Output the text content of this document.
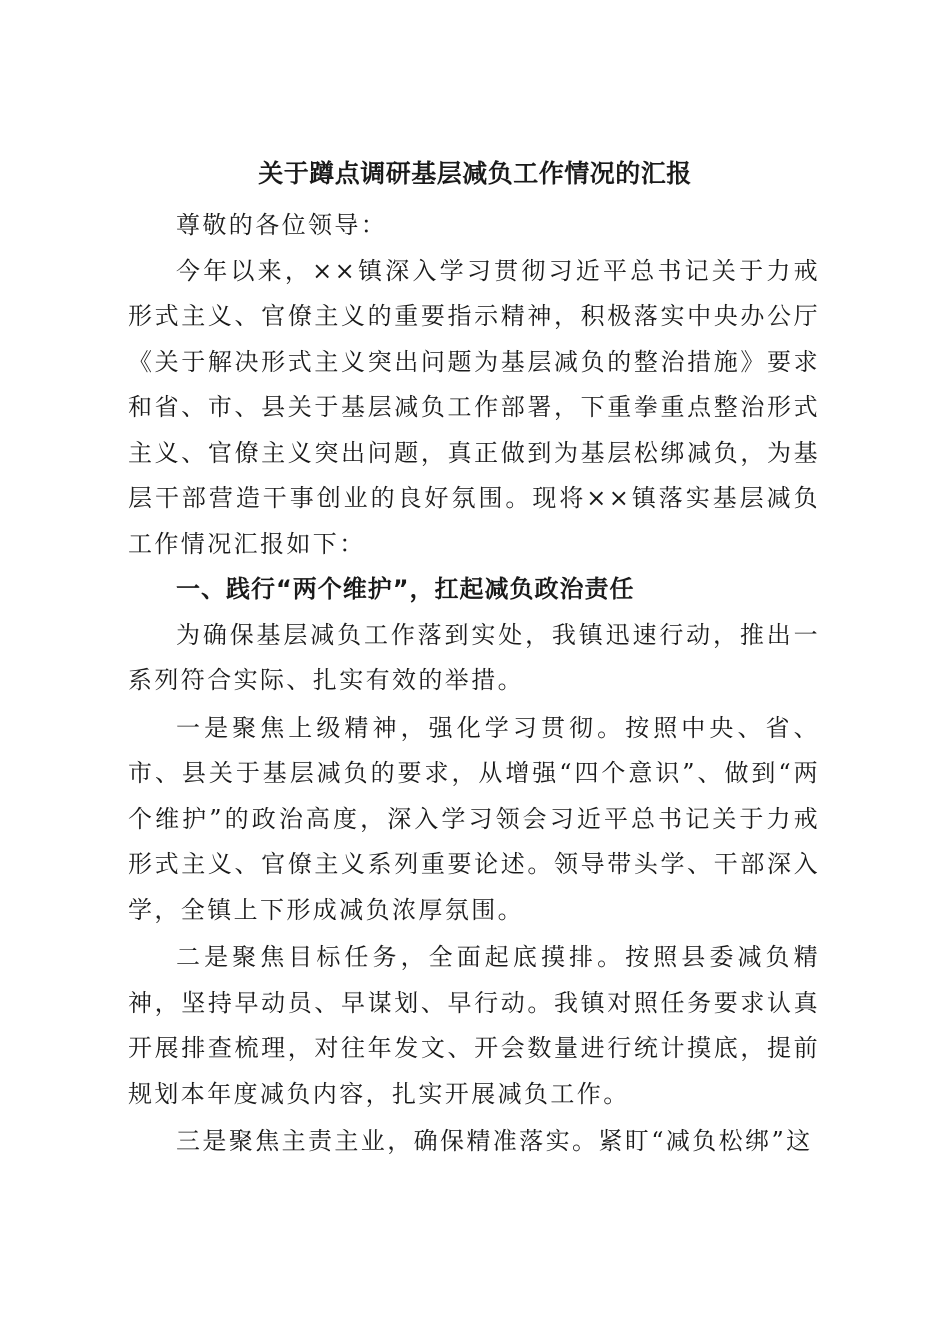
关于蹲点调研基层减负工作情况的汇报

尊敬的各位领导：

今年以来，××镇深入学习贯彻习近平总书记关于力戒形式主义、官僚主义的重要指示精神，积极落实中央办公厅《关于解决形式主义突出问题为基层减负的整治措施》要求和省、市、县关于基层减负工作部署，下重拳重点整治形式主义、官僚主义突出问题，真正做到为基层松绑减负，为基层干部营造干事创业的良好氛围。现将××镇落实基层减负工作情况汇报如下：

一、践行“两个维护”，扛起减负政治责任

为确保基层减负工作落到实处，我镇迅速行动，推出一系列符合实际、扎实有效的举措。

一是聚焦上级精神，强化学习贯彻。按照中央、省、市、县关于基层减负的要求，从增强“四个意识”、做到“两个维护”的政治高度，深入学习领会习近平总书记关于力戒形式主义、官僚主义系列重要论述。领导带头学、干部深入学，全镇上下形成减负浓厚氛围。

二是聚焦目标任务，全面起底摸排。按照县委减负精神，坚持早动员、早谋划、早行动。我镇对照任务要求认真开展排查梳理，对往年发文、开会数量进行统计摸底，提前规划本年度减负内容，扎实开展减负工作。

三是聚焦主责主业，确保精准落实。紧盯“减负松绑”这
